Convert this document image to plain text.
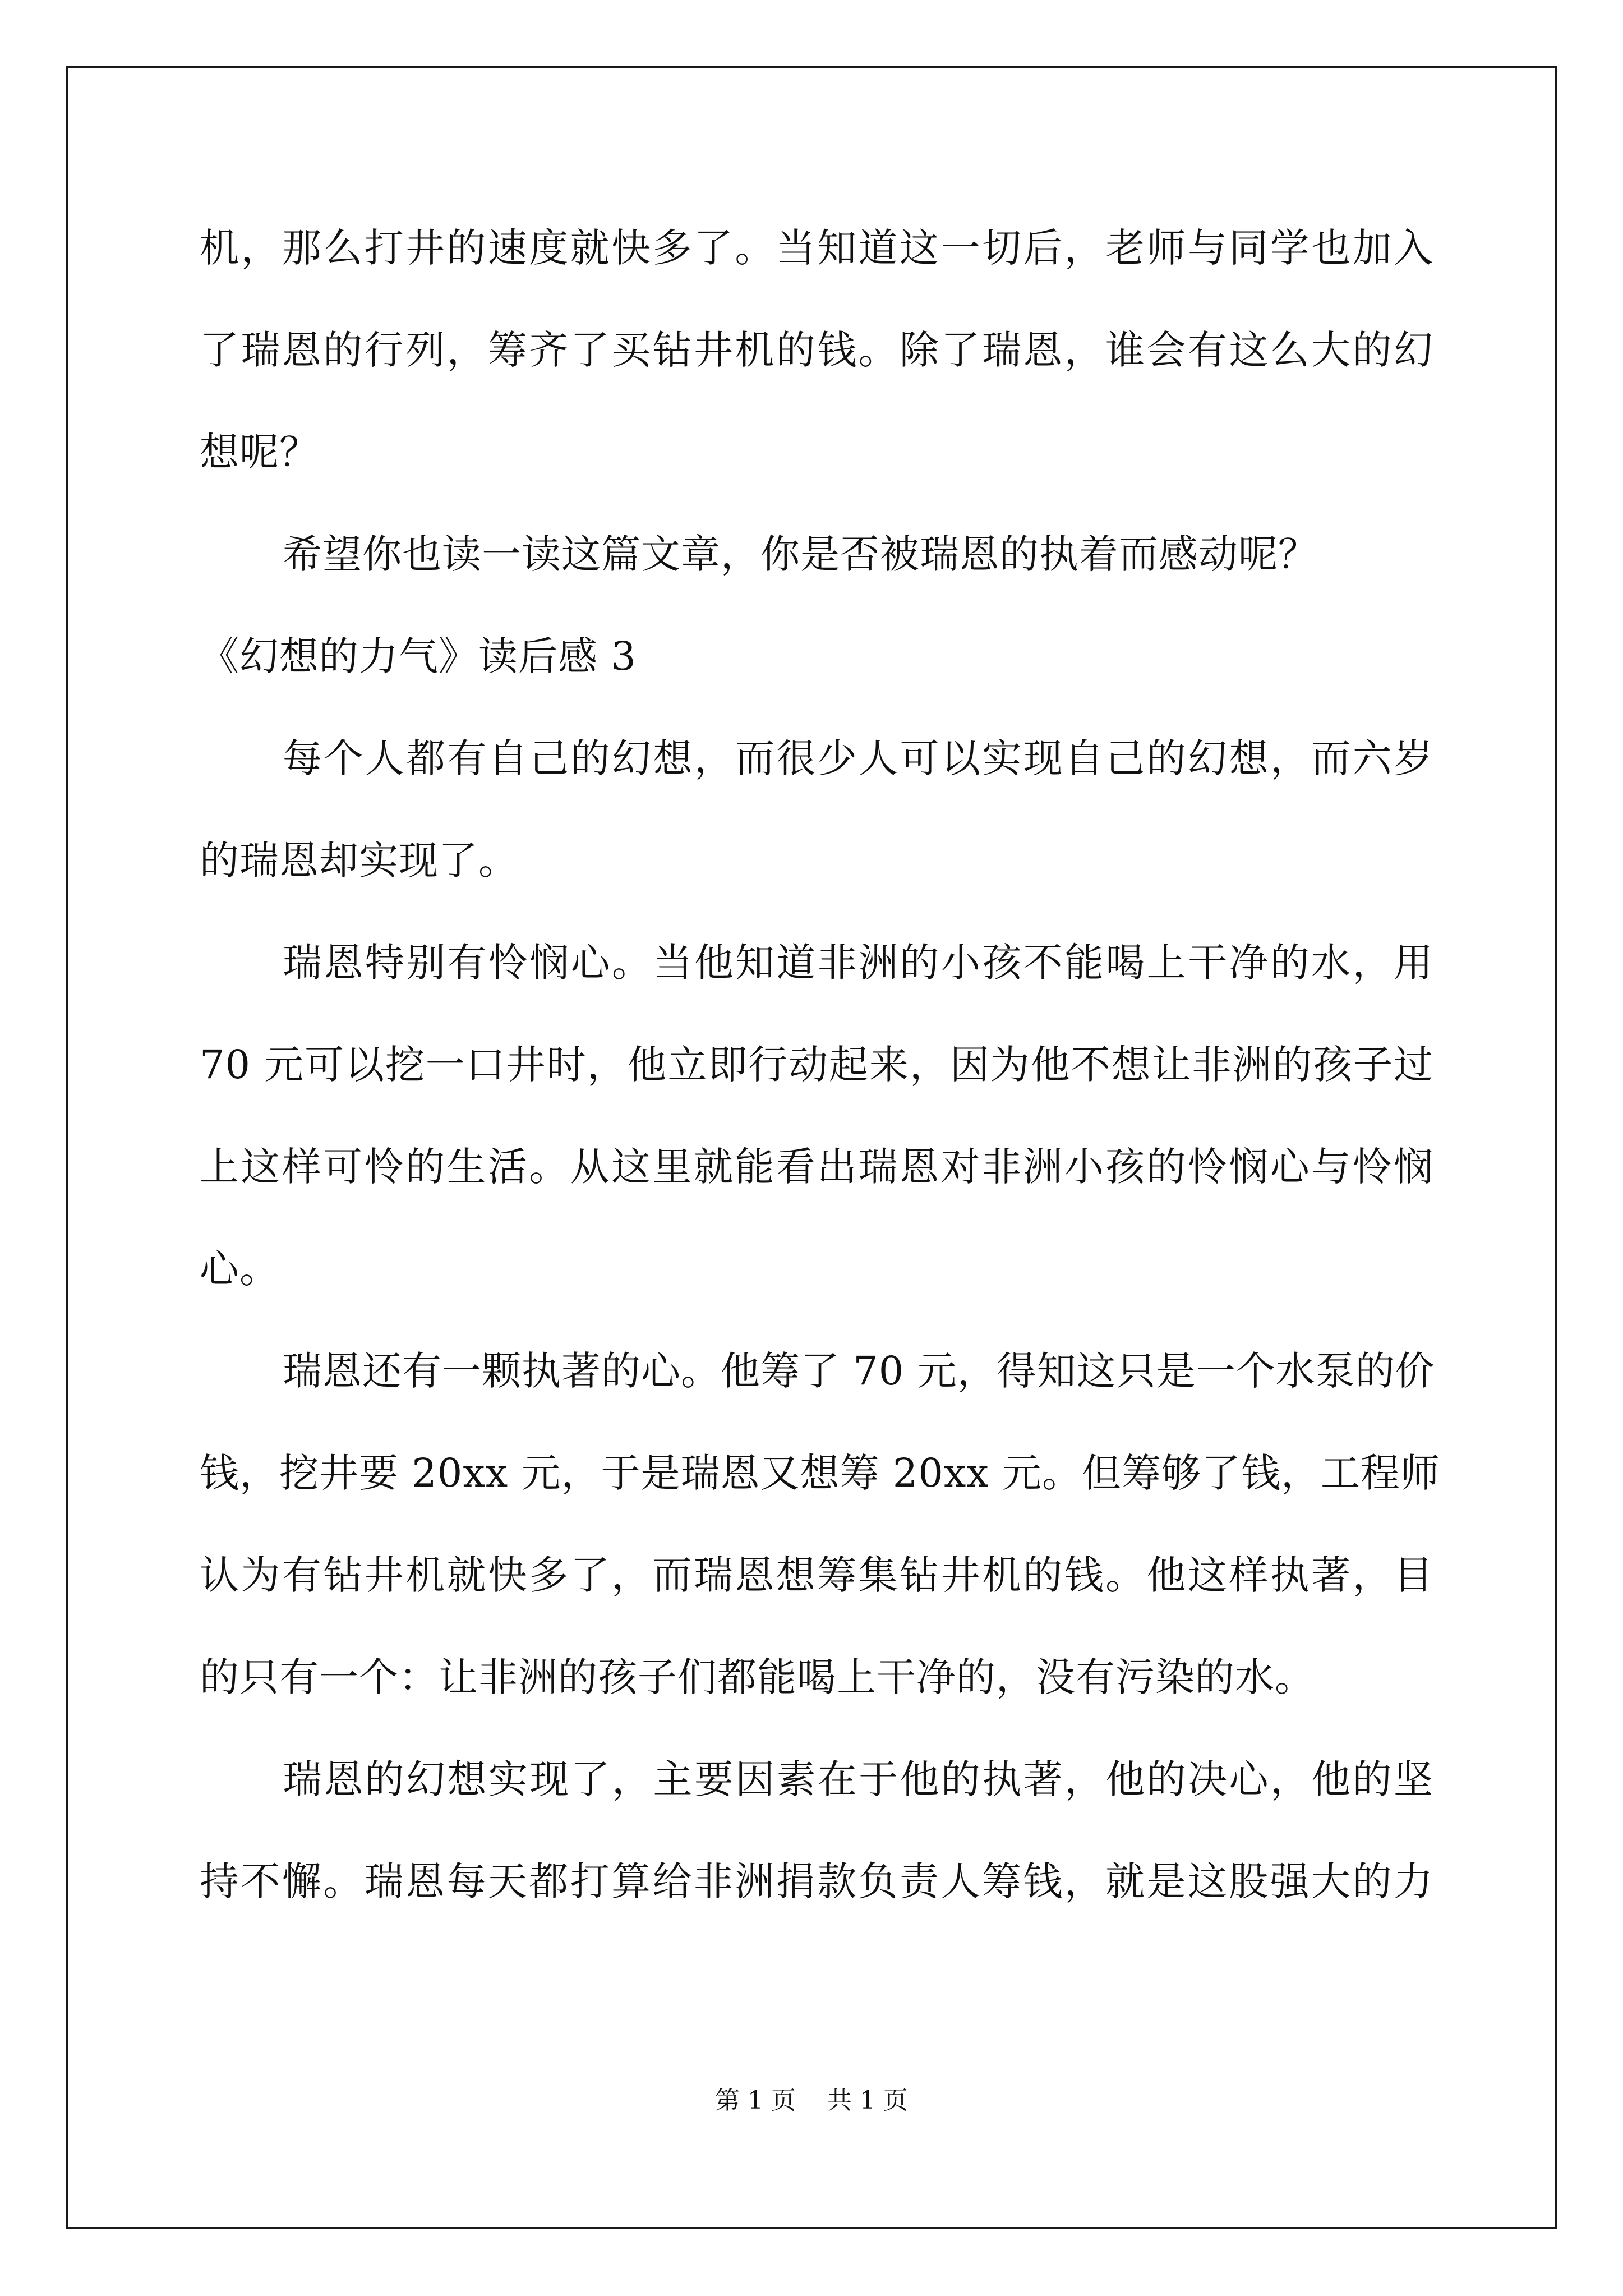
机，那么打井的速度就快多了。当知道这一切后，老师与同学也加入
了瑞恩的行列，筹齐了买钻井机的钱。除了瑞恩，谁会有这么大的幻
想呢？
希望你也读一读这篇文章，你是否被瑞恩的执着而感动呢？
《幻想的力气》读后感 3
每个人都有自己的幻想，而很少人可以实现自己的幻想，而六岁
的瑞恩却实现了。
瑞恩特别有怜悯心。当他知道非洲的小孩不能喝上干净的水，用
70 元可以挖一口井时，他立即行动起来，因为他不想让非洲的孩子过
上这样可怜的生活。从这里就能看出瑞恩对非洲小孩的怜悯心与怜悯
心。
瑞恩还有一颗执著的心。他筹了 70 元，得知这只是一个水泵的价
钱，挖井要 20xx 元，于是瑞恩又想筹 20xx 元。但筹够了钱，工程师
认为有钻井机就快多了，而瑞恩想筹集钻井机的钱。他这样执著，目
的只有一个：让非洲的孩子们都能喝上干净的，没有污染的水。
瑞恩的幻想实现了，主要因素在于他的执著，他的决心，他的坚
持不懈。瑞恩每天都打算给非洲捐款负责人筹钱，就是这股强大的力
第 1 页    共 1 页
